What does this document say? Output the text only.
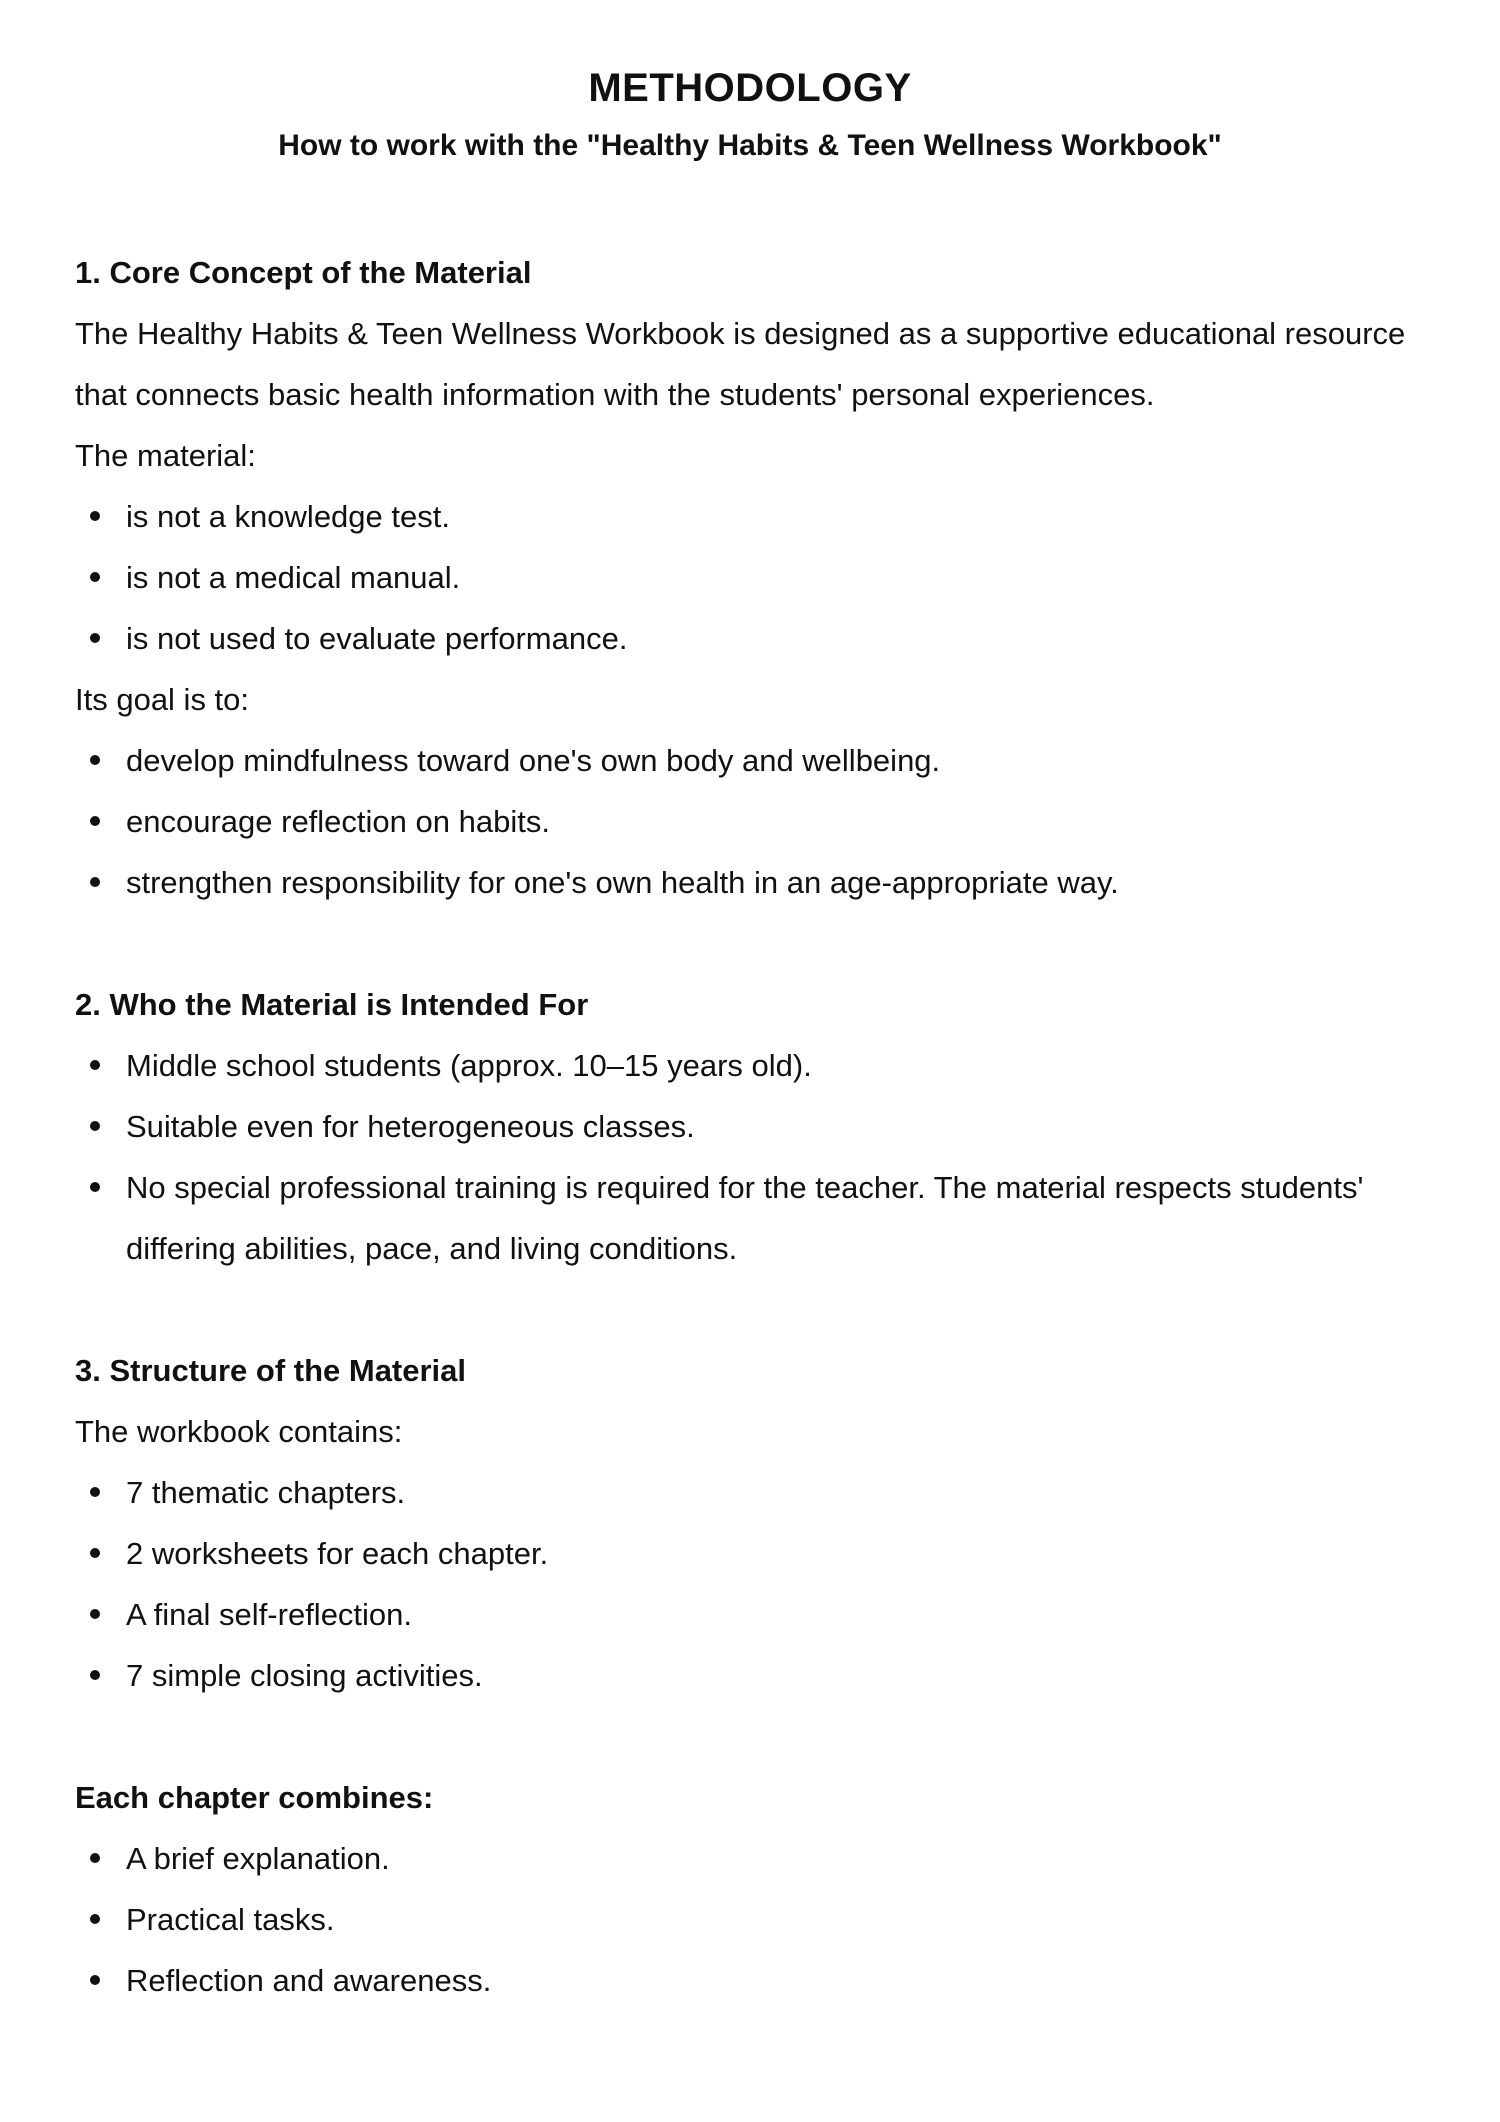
METHODOLOGY
How to work with the "Healthy Habits & Teen Wellness Workbook"
1. Core Concept of the Material

The Healthy Habits & Teen Wellness Workbook is designed as a supportive educational resource that connects basic health information with the students' personal experiences.

The material:

is not a knowledge test.
is not a medical manual.
is not used to evaluate performance.

Its goal is to:

develop mindfulness toward one's own body and wellbeing.
encourage reflection on habits.
strengthen responsibility for one's own health in an age-appropriate way.
2. Who the Material is Intended For
Middle school students (approx. 10–15 years old).
Suitable even for heterogeneous classes.
No special professional training is required for the teacher. The material respects students' differing abilities, pace, and living conditions.
3. Structure of the Material

The workbook contains:

7 thematic chapters.
2 worksheets for each chapter.
A final self-reflection.
7 simple closing activities.
Each chapter combines:
A brief explanation.
Practical tasks.
Reflection and awareness.
